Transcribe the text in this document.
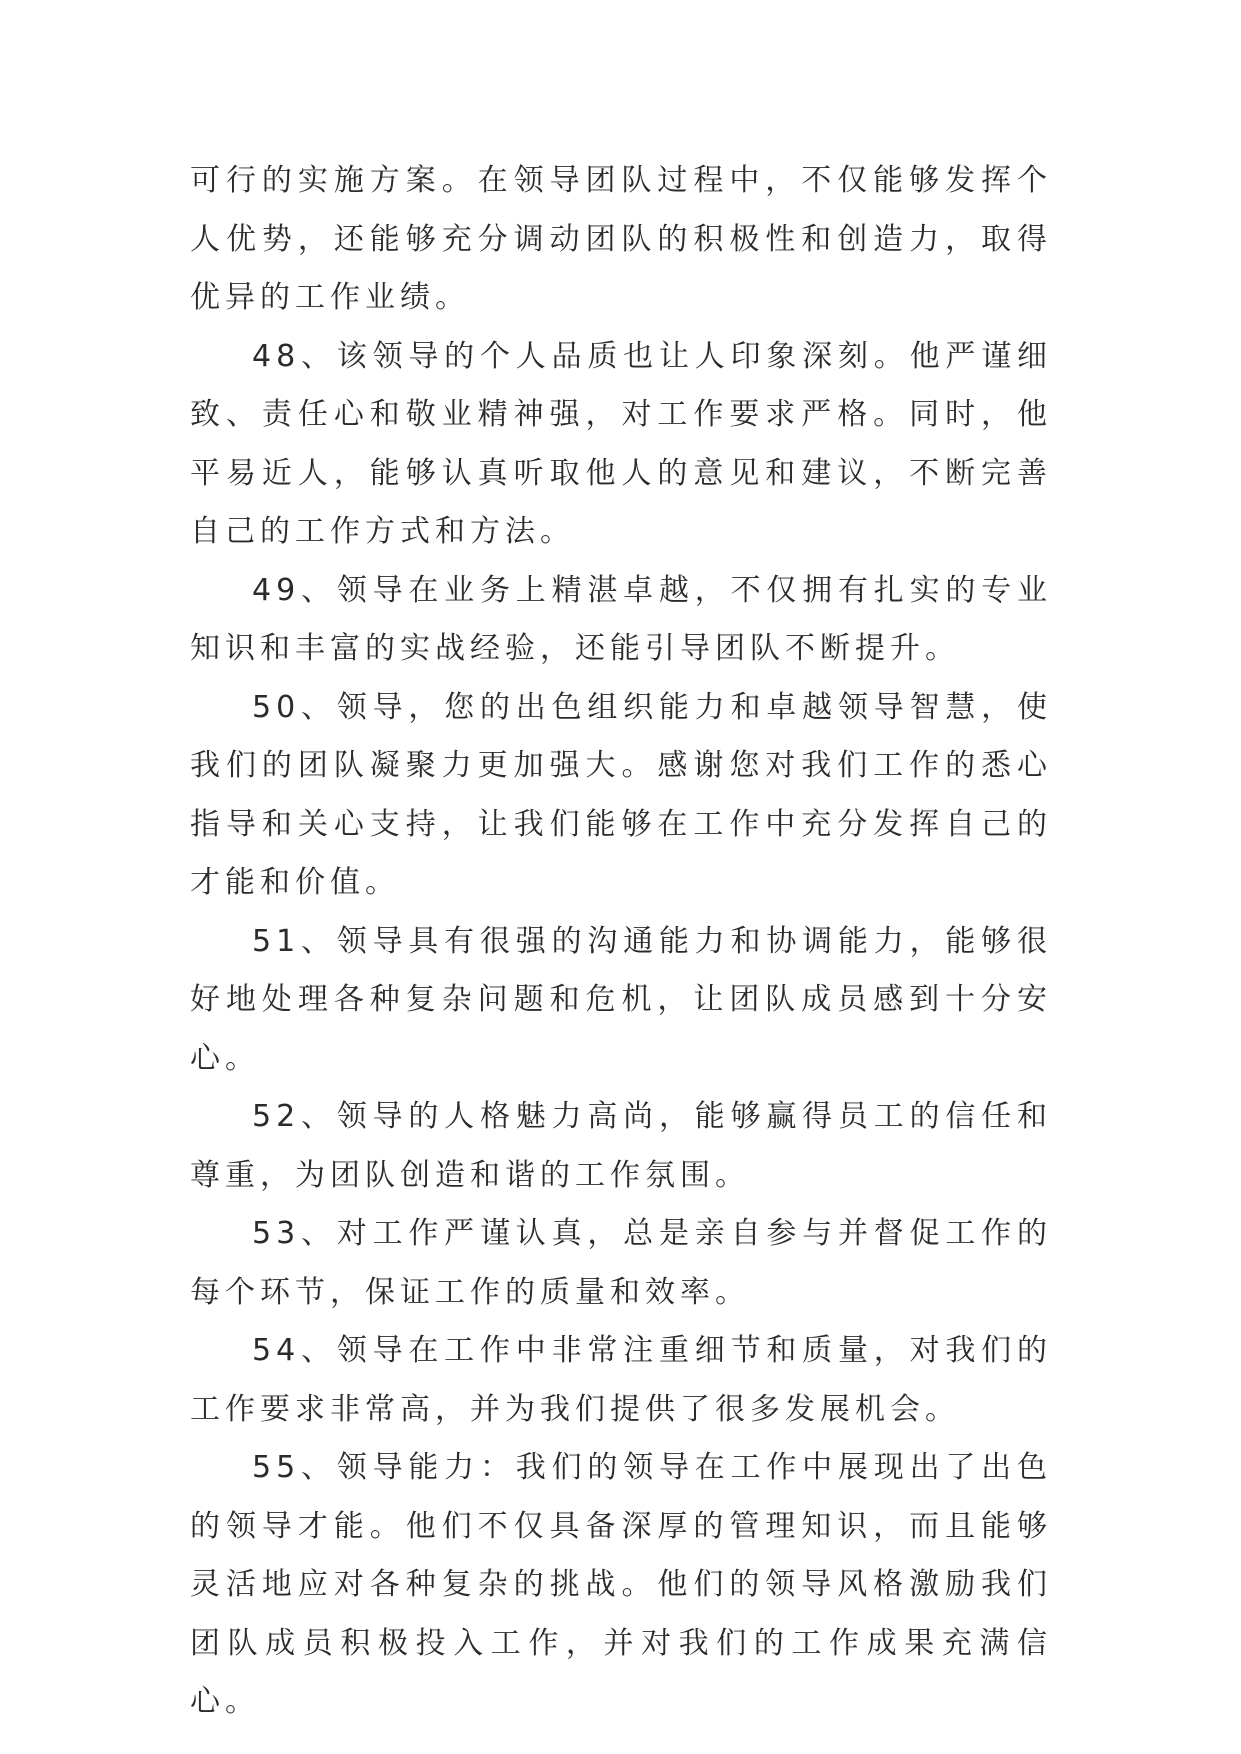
可行的实施方案。在领导团队过程中，不仅能够发挥个人优势，还能够充分调动团队的积极性和创造力，取得优异的工作业绩。

48、该领导的个人品质也让人印象深刻。他严谨细致、责任心和敬业精神强，对工作要求严格。同时，他平易近人，能够认真听取他人的意见和建议，不断完善自己的工作方式和方法。

49、领导在业务上精湛卓越，不仅拥有扎实的专业知识和丰富的实战经验，还能引导团队不断提升。

50、领导，您的出色组织能力和卓越领导智慧，使我们的团队凝聚力更加强大。感谢您对我们工作的悉心指导和关心支持，让我们能够在工作中充分发挥自己的才能和价值。

51、领导具有很强的沟通能力和协调能力，能够很好地处理各种复杂问题和危机，让团队成员感到十分安心。

52、领导的人格魅力高尚，能够赢得员工的信任和尊重，为团队创造和谐的工作氛围。

53、对工作严谨认真，总是亲自参与并督促工作的每个环节，保证工作的质量和效率。

54、领导在工作中非常注重细节和质量，对我们的工作要求非常高，并为我们提供了很多发展机会。

55、领导能力：我们的领导在工作中展现出了出色的领导才能。他们不仅具备深厚的管理知识，而且能够灵活地应对各种复杂的挑战。他们的领导风格激励我们团队成员积极投入工作，并对我们的工作成果充满信心。
